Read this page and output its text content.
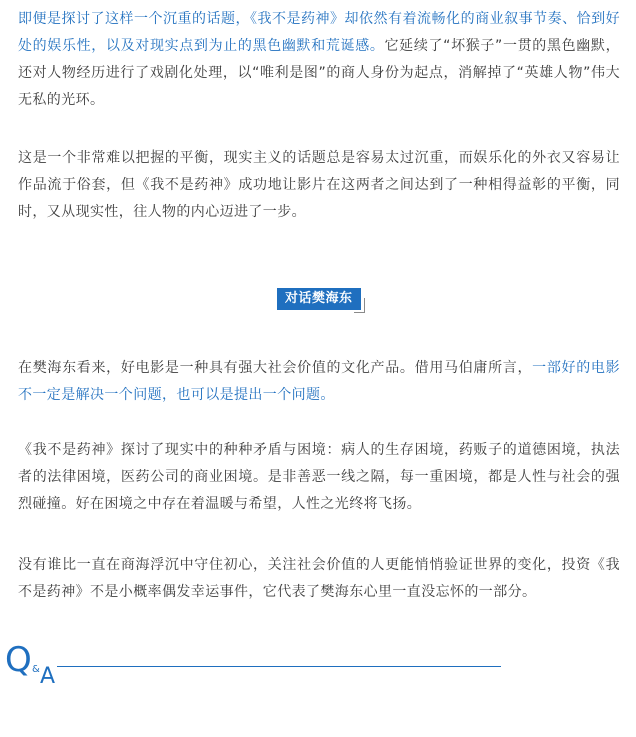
即便是探讨了这样一个沉重的话题，《我不是药神》却依然有着流畅化的商业叙事节奏、恰到好处的娱乐性，以及对现实点到为止的黑色幽默和荒诞感。它延续了“坏猴子”一贯的黑色幽默，还对人物经历进行了戏剧化处理，以“唯利是图”的商人身份为起点，消解掉了“英雄人物”伟大无私的光环。

这是一个非常难以把握的平衡，现实主义的话题总是容易太过沉重，而娱乐化的外衣又容易让作品流于俗套，但《我不是药神》成功地让影片在这两者之间达到了一种相得益彰的平衡，同时，又从现实性，往人物的内心迈进了一步。

对话樊海东

在樊海东看来，好电影是一种具有强大社会价值的文化产品。借用马伯庸所言，一部好的电影不一定是解决一个问题，也可以是提出一个问题。

《我不是药神》探讨了现实中的种种矛盾与困境：病人的生存困境，药贩子的道德困境，执法者的法律困境，医药公司的商业困境。是非善恶一线之隔，每一重困境，都是人性与社会的强烈碰撞。好在困境之中存在着温暖与希望，人性之光终将飞扬。

没有谁比一直在商海浮沉中守住初心，关注社会价值的人更能悄悄验证世界的变化，投资《我不是药神》不是小概率偶发幸运事件，它代表了樊海东心里一直没忘怀的一部分。

Q & A
